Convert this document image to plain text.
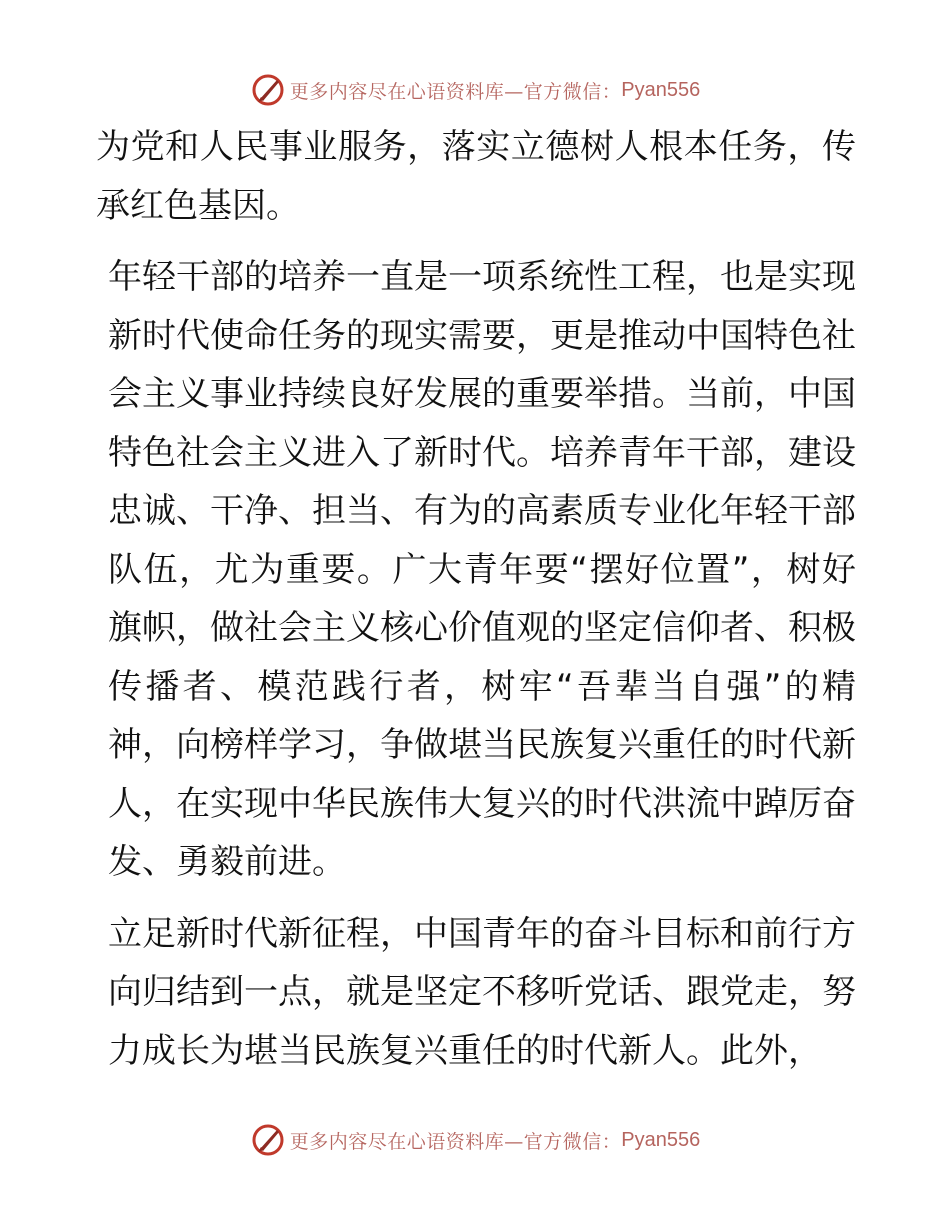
更多内容尽在心语资料库—官方微信： Pyan556

为党和人民事业服务，落实立德树人根本任务，传承红色基因。

年轻干部的培养一直是一项系统性工程，也是实现新时代使命任务的现实需要，更是推动中国特色社会主义事业持续良好发展的重要举措。当前，中国特色社会主义进入了新时代。培养青年干部，建设忠诚、干净、担当、有为的高素质专业化年轻干部队伍，尤为重要。广大青年要“摆好位置”，树好旗帜，做社会主义核心价值观的坚定信仰者、积极传播者、模范践行者，树牢“吾辈当自强”的精神，向榜样学习，争做堪当民族复兴重任的时代新人，在实现中华民族伟大复兴的时代洪流中踔厉奋发、勇毅前进。

立足新时代新征程，中国青年的奋斗目标和前行方向归结到一点，就是坚定不移听党话、跟党走，努力成长为堪当民族复兴重任的时代新人。此外，

更多内容尽在心语资料库—官方微信： Pyan556
